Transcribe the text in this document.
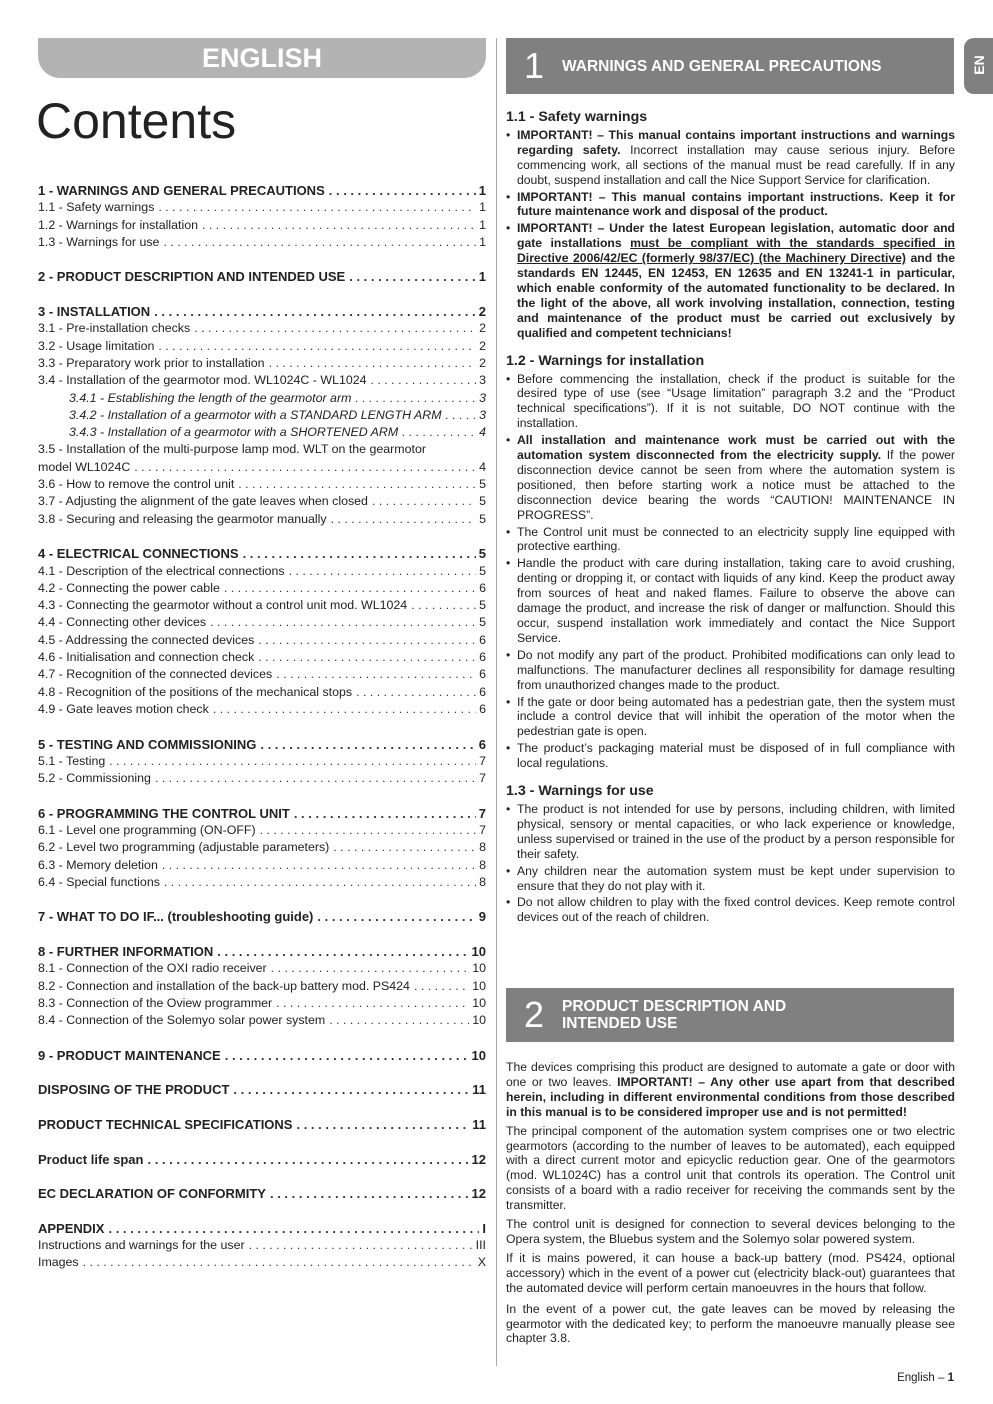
ENGLISH
Contents
1 - WARNINGS AND GENERAL PRECAUTIONS . . .	1
1.1 - Safety warnings . . .	1
1.2 - Warnings for installation . . .	1
1.3 - Warnings for use . . .	1
2 - PRODUCT DESCRIPTION AND INTENDED USE . . .	1
3 - INSTALLATION . . .	2
3.1 - Pre-installation checks . . .	2
3.2 - Usage limitation . . .	2
3.3 - Preparatory work prior to installation . . .	2
3.4 - Installation of the gearmotor mod. WL1024C - WL1024 . . .	3
3.4.1 - Establishing the length of the gearmotor arm . . .	3
3.4.2 - Installation of a gearmotor with a STANDARD LENGTH ARM . . .	3
3.4.3 - Installation of a gearmotor with a SHORTENED ARM . . .	4
3.5 - Installation of the multi-purpose lamp mod. WLT on the gearmotor
model WL1024C . . .	4
3.6 - How to remove the control unit . . .	5
3.7 - Adjusting the alignment of the gate leaves when closed . . .	5
3.8 - Securing and releasing the gearmotor manually . . .	5
4 - ELECTRICAL CONNECTIONS . . .	5
4.1 - Description of the electrical connections . . .	5
4.2 - Connecting the power cable . . .	6
4.3 - Connecting the gearmotor without a control unit mod. WL1024 . . .	5
4.4 - Connecting other devices . . .	5
4.5 - Addressing the connected devices . . .	6
4.6 - Initialisation and connection check . . .	6
4.7 - Recognition of the connected devices . . .	6
4.8 - Recognition of the positions of the mechanical stops . . .	6
4.9 - Gate leaves motion check . . .	6
5 - TESTING AND COMMISSIONING . . .	6
5.1 - Testing . . .	7
5.2 - Commissioning . . .	7
6 - PROGRAMMING THE CONTROL UNIT . . .	7
6.1 - Level one programming (ON-OFF) . . .	7
6.2 - Level two programming (adjustable parameters) . . .	8
6.3 - Memory deletion . . .	8
6.4 - Special functions . . .	8
7 - WHAT TO DO IF... (troubleshooting guide) . . .	9
8 - FURTHER INFORMATION . . .	10
8.1 - Connection of the OXI radio receiver . . .	10
8.2 - Connection and installation of the back-up battery mod. PS424 . . .	10
8.3 - Connection of the Oview programmer . . .	10
8.4 - Connection of the Solemyo solar power system . . .	10
9 - PRODUCT MAINTENANCE . . .	10
DISPOSING OF THE PRODUCT . . .	11
PRODUCT TECHNICAL SPECIFICATIONS . . .	11
Product life span . . .	12
EC DECLARATION OF CONFORMITY . . .	12
APPENDIX . . .	I
Instructions and warnings for the user . . .	III
Images . . .	X
1	WARNINGS AND GENERAL PRECAUTIONS	EN
1.1 - Safety warnings
• IMPORTANT! – This manual contains important instructions and warnings regarding safety. Incorrect installation may cause serious injury. Before commencing work, all sections of the manual must be read carefully. If in any doubt, suspend installation and call the Nice Support Service for clarification.
• IMPORTANT! – This manual contains important instructions. Keep it for future maintenance work and disposal of the product.
• IMPORTANT! – Under the latest European legislation, automatic door and gate installations must be compliant with the standards specified in Directive 2006/42/EC (formerly 98/37/EC) (the Machinery Directive) and the standards EN 12445, EN 12453, EN 12635 and EN 13241-1 in particular, which enable conformity of the automated functionality to be declared. In the light of the above, all work involving installation, connection, testing and maintenance of the product must be carried out exclusively by qualified and competent technicians!
1.2 - Warnings for installation
• Before commencing the installation, check if the product is suitable for the desired type of use (see “Usage limitation” paragraph 3.2 and the "Product technical specifications”). If it is not suitable, DO NOT continue with the installation.
• All installation and maintenance work must be carried out with the automation system disconnected from the electricity supply. If the power disconnection device cannot be seen from where the automation system is positioned, then before starting work a notice must be attached to the disconnection device bearing the words “CAUTION! MAINTENANCE IN PROGRESS”.
• The Control unit must be connected to an electricity supply line equipped with protective earthing.
• Handle the product with care during installation, taking care to avoid crushing, denting or dropping it, or contact with liquids of any kind. Keep the product away from sources of heat and naked flames. Failure to observe the above can damage the product, and increase the risk of danger or malfunction. Should this occur, suspend installation work immediately and contact the Nice Support Service.
• Do not modify any part of the product. Prohibited modifications can only lead to malfunctions. The manufacturer declines all responsibility for damage resulting from unauthorized changes made to the product.
• If the gate or door being automated has a pedestrian gate, then the system must include a control device that will inhibit the operation of the motor when the pedestrian gate is open.
• The product’s packaging material must be disposed of in full compliance with local regulations.
1.3 - Warnings for use
• The product is not intended for use by persons, including children, with limited physical, sensory or mental capacities, or who lack experience or knowledge, unless supervised or trained in the use of the product by a person responsible for their safety.
• Any children near the automation system must be kept under supervision to ensure that they do not play with it.
• Do not allow children to play with the fixed control devices. Keep remote control devices out of the reach of children.
2	PRODUCT DESCRIPTION AND
INTENDED USE

The devices comprising this product are designed to automate a gate or door with one or two leaves. IMPORTANT! – Any other use apart from that described herein, including in different environmental conditions from those described in this manual is to be considered improper use and is not permitted!

The principal component of the automation system comprises one or two electric gearmotors (according to the number of leaves to be automated), each equipped with a direct current motor and epicyclic reduction gear. One of the gearmotors (mod. WL1024C) has a control unit that controls its operation. The Control unit consists of a board with a radio receiver for receiving the commands sent by the transmitter.

The control unit is designed for connection to several devices belonging to the Opera system, the Bluebus system and the Solemyo solar powered system.

If it is mains powered, it can house a back-up battery (mod. PS424, optional accessory) which in the event of a power cut (electricity black-out) guarantees that the automated device will perform certain manoeuvres in the hours that follow.

In the event of a power cut, the gate leaves can be moved by releasing the gearmotor with the dedicated key; to perform the manoeuvre manually please see chapter 3.8.

English – 1
